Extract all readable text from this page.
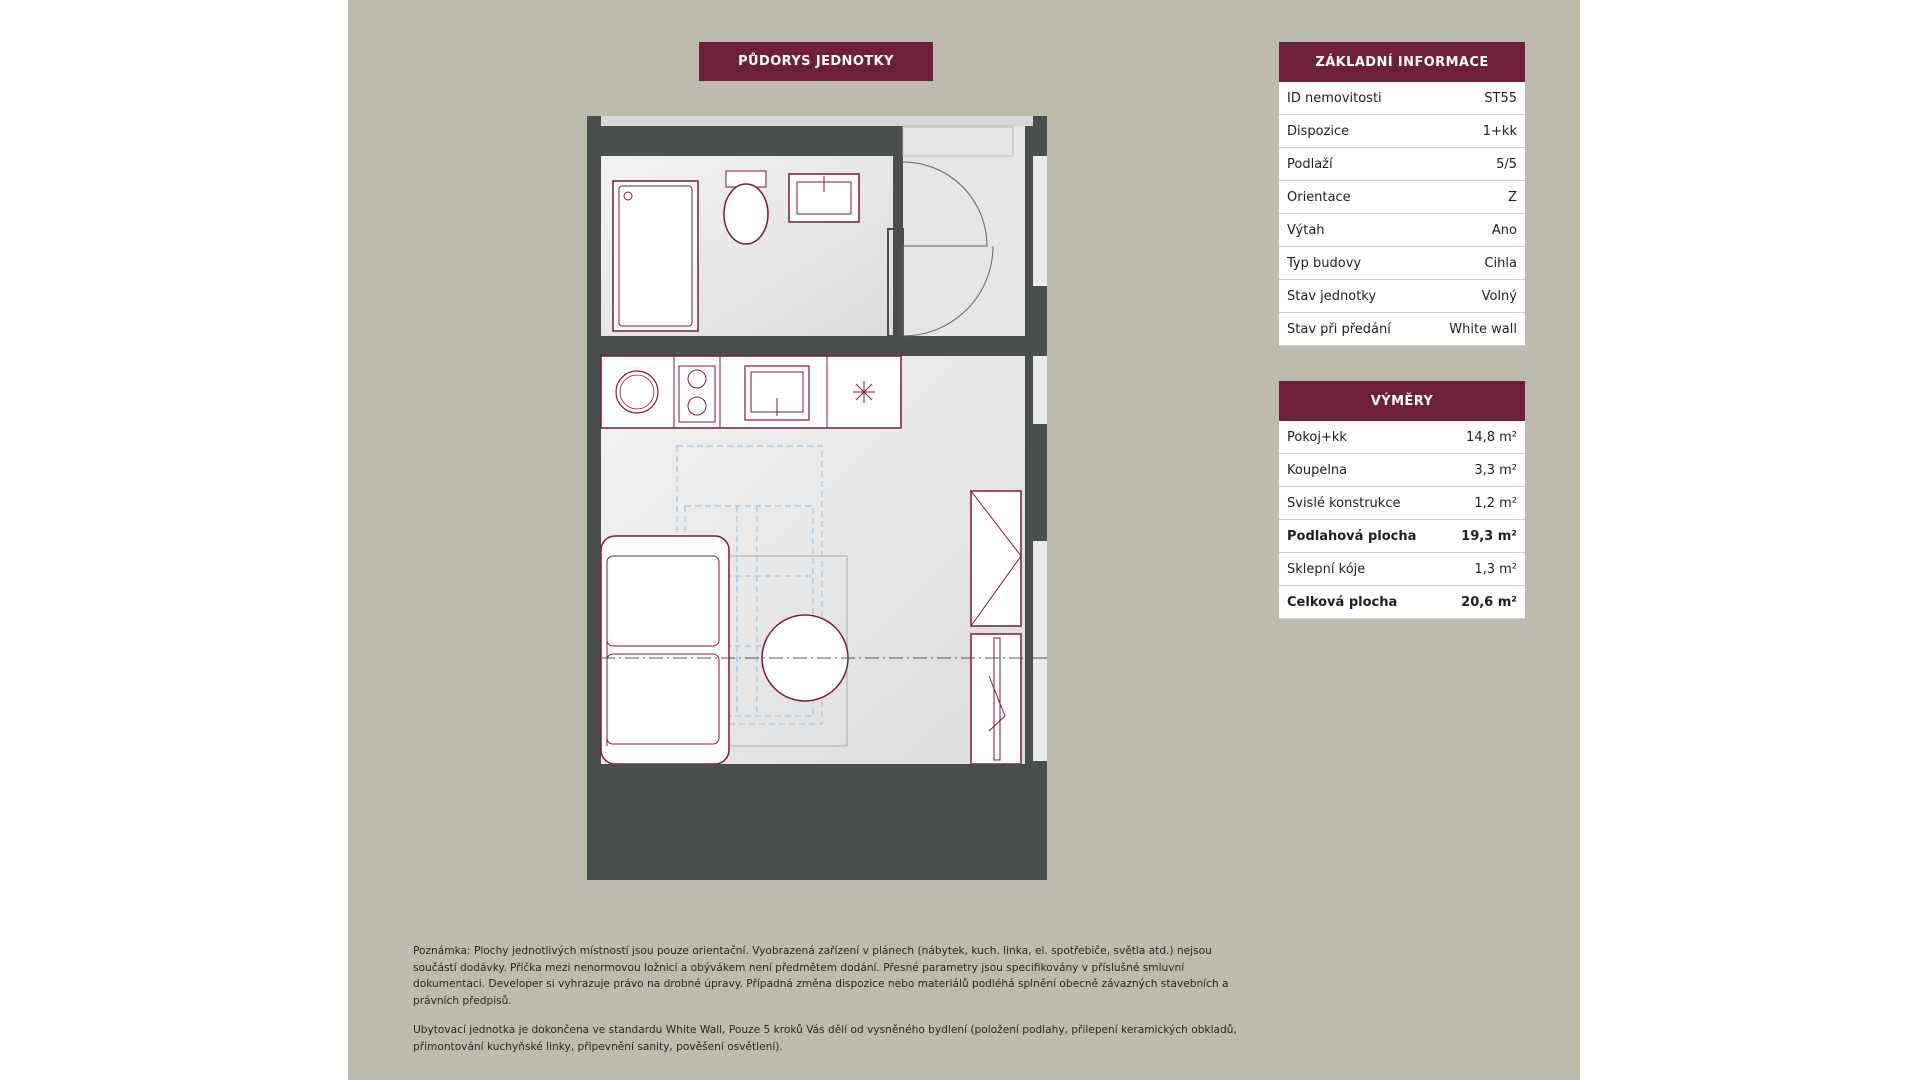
PŮDORYS JEDNOTKY	ZÁKLADNÍ INFORMACE
ID nemovitosti	ST55
Dispozice	1+kk
Podlaží	5/5
Orientace	Z
Výtah	Ano
Typ budovy	Cihla
Stav jednotky	Volný
Stav při předání	White wall
VÝMĚRY
Pokoj+kk	14,8 m²
Koupelna	3,3 m²
Svislé konstrukce	1,2 m²
Podlahová plocha	19,3 m²
Sklepní kóje	1,3 m²
Celková plocha	20,6 m²

Poznámka: Plochy jednotlivých místností jsou pouze orientační. Vyobrazená zařízení v plánech (nábytek, kuch. linka, el. spotřebiče, světla atd.) nejsou součástí dodávky. Příčka mezi nenormovou ložnicí a obývákem není předmětem dodání. Přesné parametry jsou specifikovány v příslušné smluvní dokumentaci. Developer si vyhrazuje právo na drobné úpravy. Případná změna dispozice nebo materiálů podléhá splnění obecně závazných stavebních a právních předpisů.

Ubytovací jednotka je dokončena ve standardu White Wall, Pouze 5 kroků Vás dělí od vysněného bydlení (položení podlahy, přilepení keramických obkladů, přimontování kuchyňské linky, připevnění sanity, pověšení osvětlení).
